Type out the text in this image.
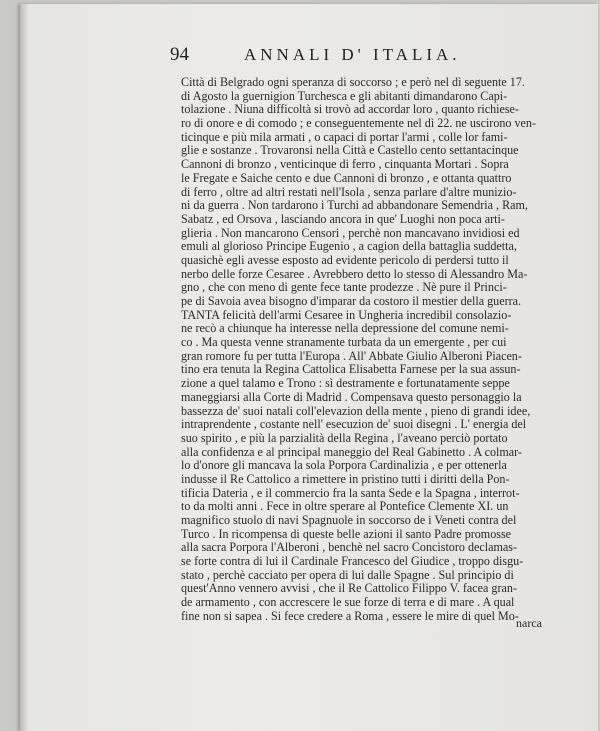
94	ANNALI D' ITALIA.
Città di Belgrado ogni speranza di soccorso ; e però nel dì seguente 17.
di Agosto la guernigion Turchesca e gli abitanti dimandarono Capi-
tolazione . Niuna difficoltà si trovò ad accordar loro , quanto richiese-
ro di onore e di comodo ; e conseguentemente nel dì 22. ne uscirono ven-
ticinque e più mila armati , o capaci di portar l'armi , colle lor fami-
glie e sostanze . Trovaronsi nella Città e Castello cento settantacinque
Cannoni di bronzo , venticinque di ferro , cinquanta Mortari . Sopra
le Fregate e Saiche cento e due Cannoni di bronzo , e ottanta quattro
di ferro , oltre ad altri restati nell'Isola , senza parlare d'altre munizio-
ni da guerra . Non tardarono i Turchi ad abbandonare Semendria , Ram,
Sabatz , ed Orsova , lasciando ancora in que' Luoghi non poca arti-
glieria . Non mancarono Censori , perchè non mancavano invidiosi ed
emuli al glorioso Principe Eugenio , a cagion della battaglia suddetta,
quasichè egli avesse esposto ad evidente pericolo di perdersi tutto il
nerbo delle forze Cesaree . Avrebbero detto lo stesso di Alessandro Ma-
gno , che con meno di gente fece tante prodezze . Nè pure il Princi-
pe di Savoia avea bisogno d'imparar da costoro il mestier della guerra.
TANTA felicità dell'armi Cesaree in Ungheria incredibil consolazio-
ne recò a chiunque ha interesse nella depressione del comune nemi-
co . Ma questa venne stranamente turbata da un emergente , per cui
gran romore fu per tutta l'Europa . All' Abbate Giulio Alberoni Piacen-
tino era tenuta la Regina Cattolica Elisabetta Farnese per la sua assun-
zione a quel talamo e Trono : sì destramente e fortunatamente seppe
maneggiarsi alla Corte di Madrid . Compensava questo personaggio la
bassezza de' suoi natali coll'elevazion della mente , pieno di grandi idee,
intraprendente , costante nell' esecuzion de' suoi disegni . L' energia del
suo spirito , e più la parzialità della Regina , l'aveano perciò portato
alla confidenza e al principal maneggio del Real Gabinetto . A colmar-
lo d'onore gli mancava la sola Porpora Cardinalizia , e per ottenerla
indusse il Re Cattolico a rimettere in pristino tutti i diritti della Pon-
tificia Dateria , e il commercio fra la santa Sede e la Spagna , interrot-
to da molti anni . Fece in oltre sperare al Pontefice Clemente XI. un
magnifico stuolo di navi Spagnuole in soccorso de i Veneti contra del
Turco . In ricompensa di queste belle azioni il santo Padre promosse
alla sacra Porpora l'Alberoni , benchè nel sacro Concistoro declamas-
se forte contra di lui il Cardinale Francesco del Giudice , troppo disgu-
stato , perchè cacciato per opera di lui dalle Spagne . Sul principio di
quest'Anno vennero avvisi , che il Re Cattolico Filippo V. facea gran-
de armamento , con accrescere le sue forze di terra e di mare . A qual
fine non si sapea . Si fece credere a Roma , essere le mire di quel Mo-
narca
